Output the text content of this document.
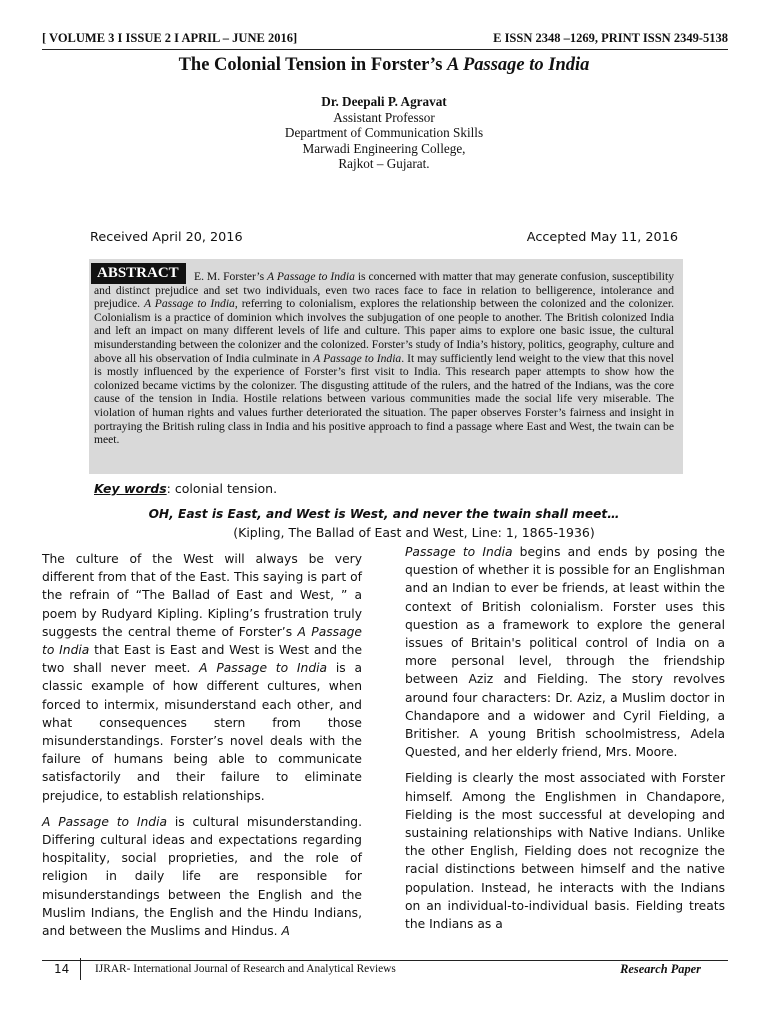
[ VOLUME 3 I ISSUE 2 I APRIL – JUNE 2016]	E ISSN 2348 –1269, PRINT ISSN 2349-5138
The Colonial Tension in Forster’s A Passage to India
Dr. Deepali P. Agravat
Assistant Professor
Department of Communication Skills
Marwadi Engineering College,
Rajkot – Gujarat.
Received April 20, 2016	Accepted May 11, 2016
ABSTRACT	E. M. Forster’s A Passage to India is concerned with matter that may generate confusion, susceptibility and distinct prejudice and set two individuals, even two races face to face in relation to belligerence, intolerance and prejudice. A Passage to India, referring to colonialism, explores the relationship between the colonized and the colonizer. Colonialism is a practice of dominion which involves the subjugation of one people to another. The British colonized India and left an impact on many different levels of life and culture. This paper aims to explore one basic issue, the cultural misunderstanding between the colonizer and the colonized. Forster’s study of India’s history, politics, geography, culture and above all his observation of India culminate in A Passage to India. It may sufficiently lend weight to the view that this novel is mostly influenced by the experience of Forster’s first visit to India. This research paper attempts to show how the colonized became victims by the colonizer. The disgusting attitude of the rulers, and the hatred of the Indians, was the core cause of the tension in India. Hostile relations between various communities made the social life very miserable. The violation of human rights and values further deteriorated the situation. The paper observes Forster’s fairness and insight in portraying the British ruling class in India and his positive approach to find a passage where East and West, the twain can be meet.
Key words: colonial tension.
OH, East is East, and West is West, and never the twain shall meet…
(Kipling, The Ballad of East and West, Line: 1, 1865-1936)

The culture of the West will always be very different from that of the East. This saying is part of the refrain of “The Ballad of East and West, ” a poem by Rudyard Kipling. Kipling’s frustration truly suggests the central theme of Forster’s A Passage to India that East is East and West is West and the two shall never meet. A Passage to India is a classic example of how different cultures, when forced to intermix, misunderstand each other, and what consequences stern from those misunderstandings. Forster’s novel deals with the failure of humans being able to communicate satisfactorily and their failure to eliminate prejudice, to establish relationships.

A Passage to India is cultural misunderstanding. Differing cultural ideas and expectations regarding hospitality, social proprieties, and the role of religion in daily life are responsible for misunderstandings between the English and the Muslim Indians, the English and the Hindu Indians, and between the Muslims and Hindus. A

Passage to India begins and ends by posing the question of whether it is possible for an Englishman and an Indian to ever be friends, at least within the context of British colonialism. Forster uses this question as a framework to explore the general issues of Britain's political control of India on a more personal level, through the friendship between Aziz and Fielding. The story revolves around four characters: Dr. Aziz, a Muslim doctor in Chandapore and a widower and Cyril Fielding, a Britisher. A young British schoolmistress, Adela Quested, and her elderly friend, Mrs. Moore.

Fielding is clearly the most associated with Forster himself. Among the Englishmen in Chandapore, Fielding is the most successful at developing and sustaining relationships with Native Indians. Unlike the other English, Fielding does not recognize the racial distinctions between himself and the native population. Instead, he interacts with the Indians on an individual-to-individual basis. Fielding treats the Indians as a

14 IJRAR- International Journal of Research and Analytical Reviews	Research Paper
